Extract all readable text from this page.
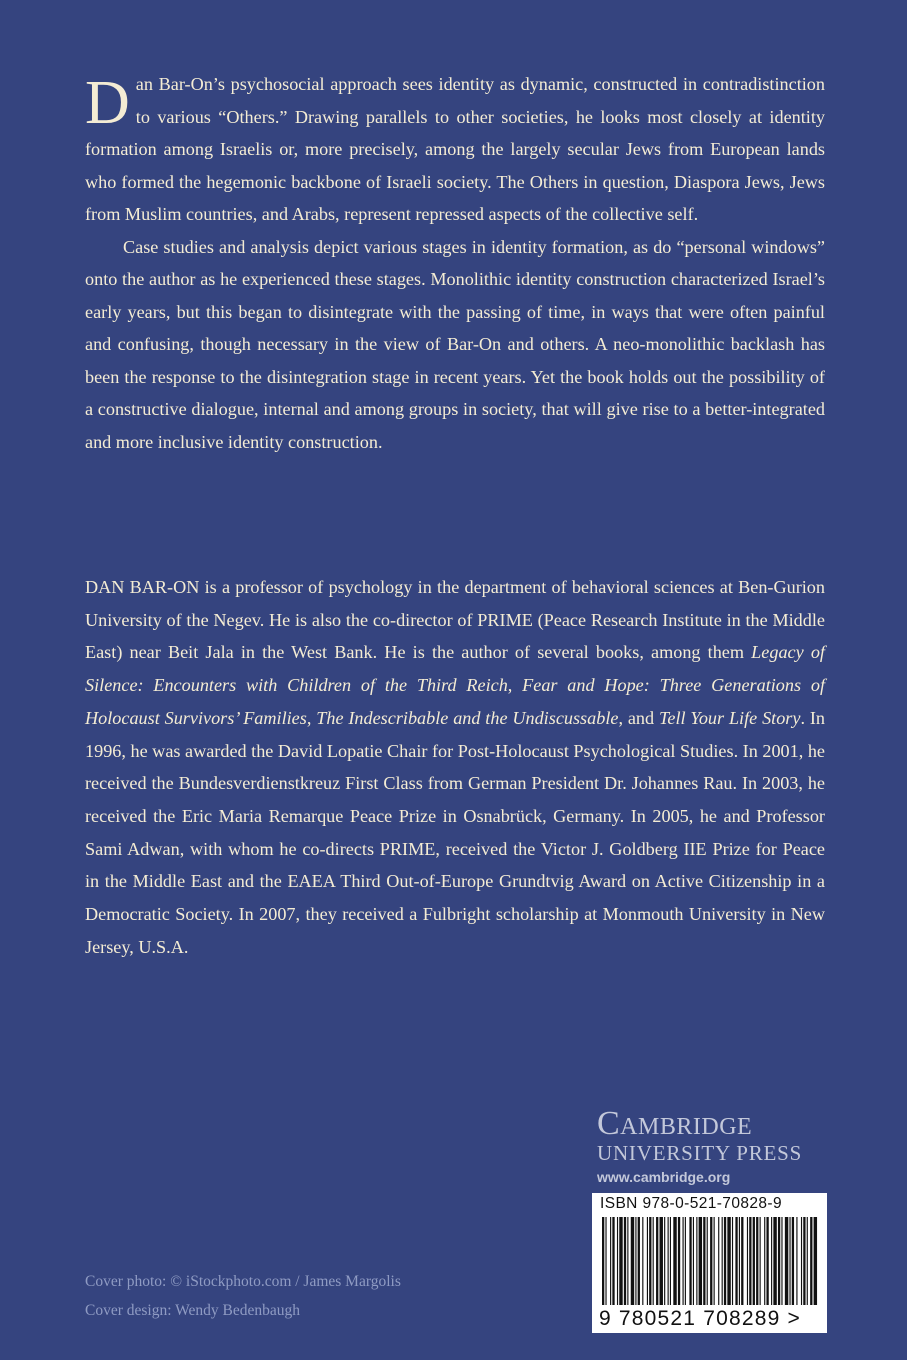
Dan Bar-On’s psychosocial approach sees identity as dynamic, constructed in contradistinction to various “Others.” Drawing parallels to other societies, he looks most closely at identity formation among Israelis or, more precisely, among the largely secular Jews from European lands who formed the hegemonic backbone of Israeli society. The Others in question, Diaspora Jews, Jews from Muslim countries, and Arabs, represent repressed aspects of the collective self.

Case studies and analysis depict various stages in identity formation, as do “personal windows” onto the author as he experienced these stages. Monolithic identity construction characterized Israel’s early years, but this began to disintegrate with the passing of time, in ways that were often painful and confusing, though necessary in the view of Bar-On and others. A neo-monolithic backlash has been the response to the disintegration stage in recent years. Yet the book holds out the possibility of a constructive dialogue, internal and among groups in society, that will give rise to a better-integrated and more inclusive identity construction.

DAN BAR-ON is a professor of psychology in the department of behavioral sciences at Ben-Gurion University of the Negev. He is also the co-director of PRIME (Peace Research Institute in the Middle East) near Beit Jala in the West Bank. He is the author of several books, among them Legacy of Silence: Encounters with Children of the Third Reich, Fear and Hope: Three Generations of Holocaust Survivors’ Families, The Indescribable and the Undiscussable, and Tell Your Life Story. In 1996, he was awarded the David Lopatie Chair for Post-Holocaust Psychological Studies. In 2001, he received the Bundesverdienstkreuz First Class from German President Dr. Johannes Rau. In 2003, he received the Eric Maria Remarque Peace Prize in Osnabrück, Germany. In 2005, he and Professor Sami Adwan, with whom he co-directs PRIME, received the Victor J. Goldberg IIE Prize for Peace in the Middle East and the EAEA Third Out-of-Europe Grundtvig Award on Active Citizenship in a Democratic Society. In 2007, they received a Fulbright scholarship at Monmouth University in New Jersey, U.S.A.

Cambridge
UNIVERSITY PRESS
www.cambridge.org
ISBN 978-0-521-70828-9
9 780521 708289 >
Cover photo: © iStockphoto.com / James Margolis
Cover design: Wendy Bedenbaugh
